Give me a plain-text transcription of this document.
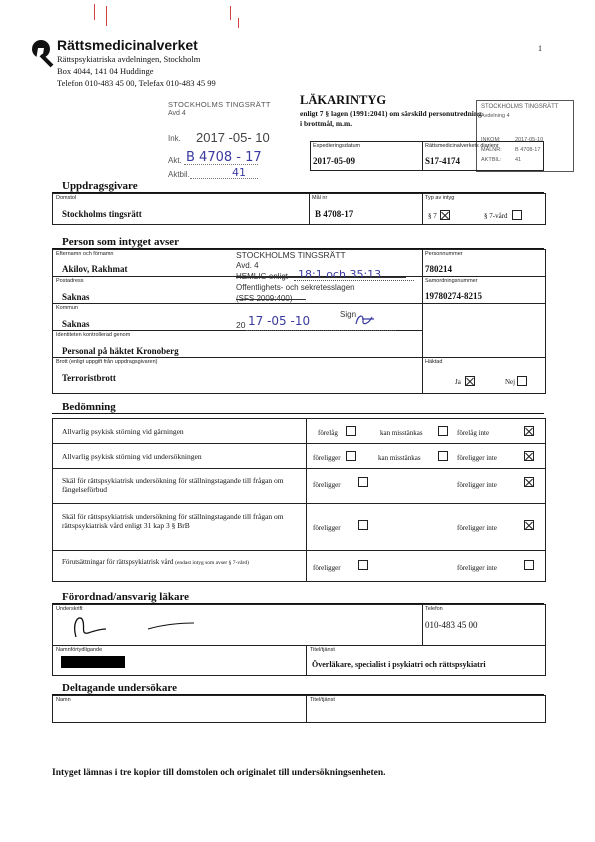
Rättsmedicinalverket
Rättspsykiatriska avdelningen, Stockholm
Box 4044, 141 04 Huddinge
Telefon 010-483 45 00, Telefax 010-483 45 99
1
STOCKHOLMS TINGSRÄTT
Avd 4
Ink. 2017 -05- 10
Akt. B 4708 - 17
Aktbil.	41
LÄKARINTYG
enligt 7 § lagen (1991:2041) om särskild personutredning
i brottmål, m.m.
STOCKHOLMS TINGSRÄTT
Avdelning 4
INKOM:	2017-05-10
MÅLNR: B 4708-17
AKTBIL: 41
Expedieringsdatum
2017-05-09
Rättsmedicinalverkets diarienr
S17-4174
Uppdragsgivare
Domstol
Stockholms tingsrätt
Mål nr
B 4708-17
Typ av intyg
§ 7	§ 7-vård
Person som intyget avser
Efternamn och förnamn
Akilov, Rakhmat
Personnummer
780214
Postadress
Saknas
Samordningsnummer
19780274-8215
Kommun
Saknas
Identiteten kontrollerad genom
Personal på häktet Kronoberg
Brott (enligt uppgift från uppdragsgivaren)
Terroristbrott
Häktad
Ja	Nej
STOCKHOLMS TINGSRÄTT
Avd. 4
HEMLIG enligt 18:1 och 35:13
Offentlighets- och sekretesslagen
(SFS 2009:400)
20 17 -05 -10	Sign
Bedömning
Allvarlig psykisk störning vid gärningen	förelåg	kan misstänkas	förelåg inte
Allvarlig psykisk störning vid undersökningen	föreligger	kan misstänkas	föreligger inte
Skäl för rättspsykiatrisk undersökning för ställningstagande till frågan om fängelseförbud	föreligger	föreligger inte
Skäl för rättspsykiatrisk undersökning för ställningstagande till frågan om rättspsykiatrisk vård enligt 31 kap 3 § BrB	föreligger	föreligger inte
Förutsättningar för rättspsykiatrisk vård (endast intyg som avser § 7-vård)
föreligger	föreligger inte
Förordnad/ansvarig läkare
Underskrift	Telefon
010-483 45 00
Namnförtydligande	Titel/tjänst
Överläkare, specialist i psykiatri och rättspsykiatri
Deltagande undersökare
Namn	Titel/tjänst
Intyget lämnas i tre kopior till domstolen och originalet till undersökningsenheten.
